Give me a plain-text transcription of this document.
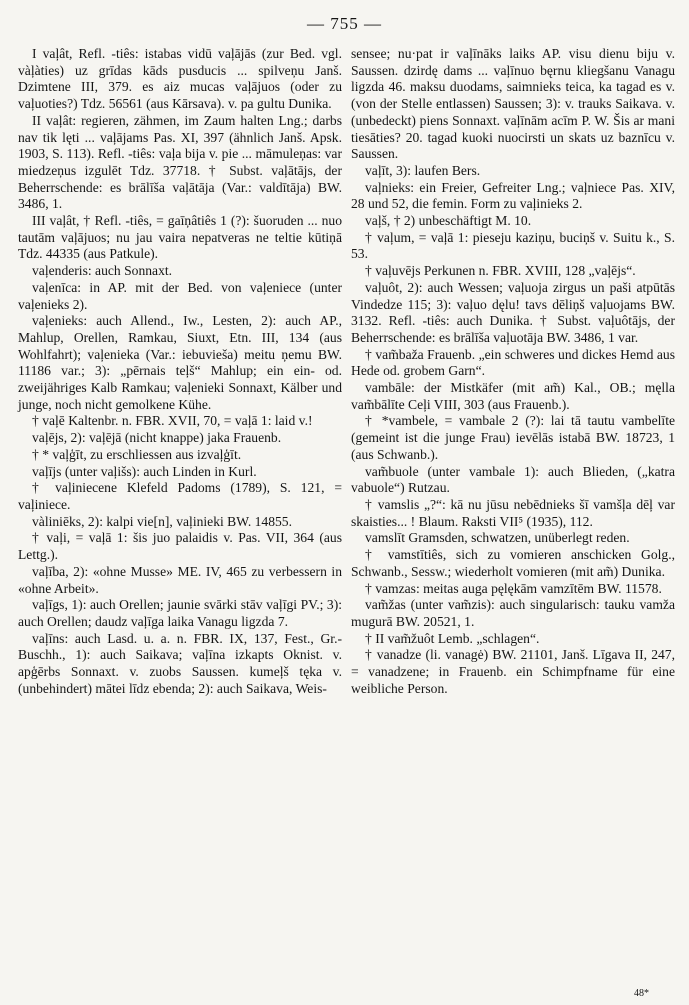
— 755 —

I vaļât, Refl. -tiês: istabas vidū vaļājās (zur Bed. vgl. vàļàties) uz grīdas kāds pusducis ... spilveņu Janš. Dzimtene III, 379. es aiz mucas vaļājuos (oder zu vaļuoties?) Tdz. 56561 (aus Kārsava). v. pa gultu Dunika.

II vaļât: regieren, zähmen, im Zaum halten Lng.; darbs nav tik lęti ... vaļājams Pas. XI, 397 (ähnlich Janš. Apsk. 1903, S. 113). Refl. -tiês: vaļa bija v. pie ... māmuleņas: var miedzeņus izgulēt Tdz. 37718. † Subst. vaļātājs, der Beherrschende: es brālīša vaļātāja (Var.: valdītāja) BW. 3486, 1.

III vaļât, † Refl. -tiês, = gaīņâtiês 1 (?): šuoruden ... nuo tautām vaļājuos; nu jau vaira nepatveras ne teltie kūtiņā Tdz. 44335 (aus Patkule).

vaļenderis: auch Sonnaxt.

vaļenīca: in AP. mit der Bed. von vaļeniece (unter vaļenieks 2).

vaļenieks: auch Allend., Iw., Lesten, 2): auch AP., Mahlup, Orellen, Ramkau, Siuxt, Etn. III, 134 (aus Wohlfahrt); vaļenieka (Var.: iebuvieša) meitu ņemu BW. 11186 var.; 3): „pērnais teļš“ Mahlup; ein ein- od. zweijähriges Kalb Ramkau; vaļenieki Sonnaxt, Kälber und junge, noch nicht gemolkene Kühe.

† vaļē Kaltenbr. n. FBR. XVII, 70, = vaļā 1: laid v.!

vaļējs, 2): vaļējā (nicht knappe) jaka Frauenb.

† * vaļģīt, zu erschliessen aus izvaļģīt.

vaļījs (unter vaļišs): auch Linden in Kurl.

† vaļiniecene Klefeld Padoms (1789), S. 121, = vaļiniece.

vàliniēks, 2): kalpi vie[n], vaļinieki BW. 14855.

† vaļi, = vaļā 1: šis juo palaidis v. Pas. VII, 364 (aus Lettg.).

vaļība, 2): «ohne Musse» ME. IV, 465 zu verbessern in «ohne Arbeit».

vaļīgs, 1): auch Orellen; jaunie svārki stāv vaļīgi PV.; 3): auch Orellen; daudz vaļīga laika Vanagu ligzda 7.

vaļīns: auch Lasd. u. a. n. FBR. IX, 137, Fest., Gr.-Buschh., 1): auch Saikava; vaļīna izkapts Oknist. v. apģērbs Sonnaxt. v. zuobs Saussen. kumeļš tęka v. (unbehindert) mātei līdz ebenda; 2): auch Saikava, Weis-

sensee; nu·pat ir vaļīnāks laiks AP. visu dienu biju v. Saussen. dzirdę dams ... vaļīnuo bęrnu kliegšanu Vanagu ligzda 46. maksu duodams, saimnieks teica, ka tagad es v. (von der Stelle entlassen) Saussen; 3): v. trauks Saikava. v. (unbedeckt) piens Sonnaxt. vaļīnām acīm P. W. Šis ar mani tiesāties? 20. tagad kuoki nuocirsti un skats uz baznīcu v. Saussen.

vaļīt, 3): laufen Bers.

vaļnieks: ein Freier, Gefreiter Lng.; vaļniece Pas. XIV, 28 und 52, die femin. Form zu vaļinieks 2.

vaļš, † 2) unbeschäftigt M. 10.

† vaļum, = vaļā 1: pieseju kaziņu, buciņš v. Suitu k., S. 53.

† vaļuvējs Perkunen n. FBR. XVIII, 128 „vaļējs“.

vaļuôt, 2): auch Wessen; vaļuoja zirgus un paši atpūtās Vindedze 115; 3): vaļuo dęlu! tavs dēliņš vaļuojams BW. 3132. Refl. -tiês: auch Dunika. † Subst. vaļuôtājs, der Beherrschende: es brālīša vaļuotāja BW. 3486, 1 var.

† vam̃baža Frauenb. „ein schweres und dickes Hemd aus Hede od. grobem Garn“.

vambāle: der Mistkäfer (mit am̃) Kal., OB.; męlla vam̃bālīte Ceļi VIII, 303 (aus Frauenb.).

† *vambele, = vambale 2 (?): lai tā tautu vambelīte (gemeint ist die junge Frau) ievēlās istabā BW. 18723, 1 (aus Schwanb.).

vam̃buole (unter vambale 1): auch Blieden, („katra vabuole“) Rutzau.

† vamslis „?“: kā nu jūsu nebēdnieks šī vamšļa dēļ var skaisties... ! Blaum. Raksti VII⁵ (1935), 112.

vamslīt Gramsden, schwatzen, unüberlegt reden.

† vamstītiês, sich zu vomieren anschicken Golg., Schwanb., Sessw.; wiederholt vomieren (mit am̃) Dunika.

† vamzas: meitas auga pęlękām vamzītēm BW. 11578.

vam̃žas (unter vam̃zis): auch singularisch: tauku vamža mugurā BW. 20521, 1.

† II vam̃žuôt Lemb. „schlagen“.

† vanadze (li. vanagė) BW. 21101, Janš. Līgava II, 247, = vanadzene; in Frauenb. ein Schimpfname für eine weibliche Person.

48*
